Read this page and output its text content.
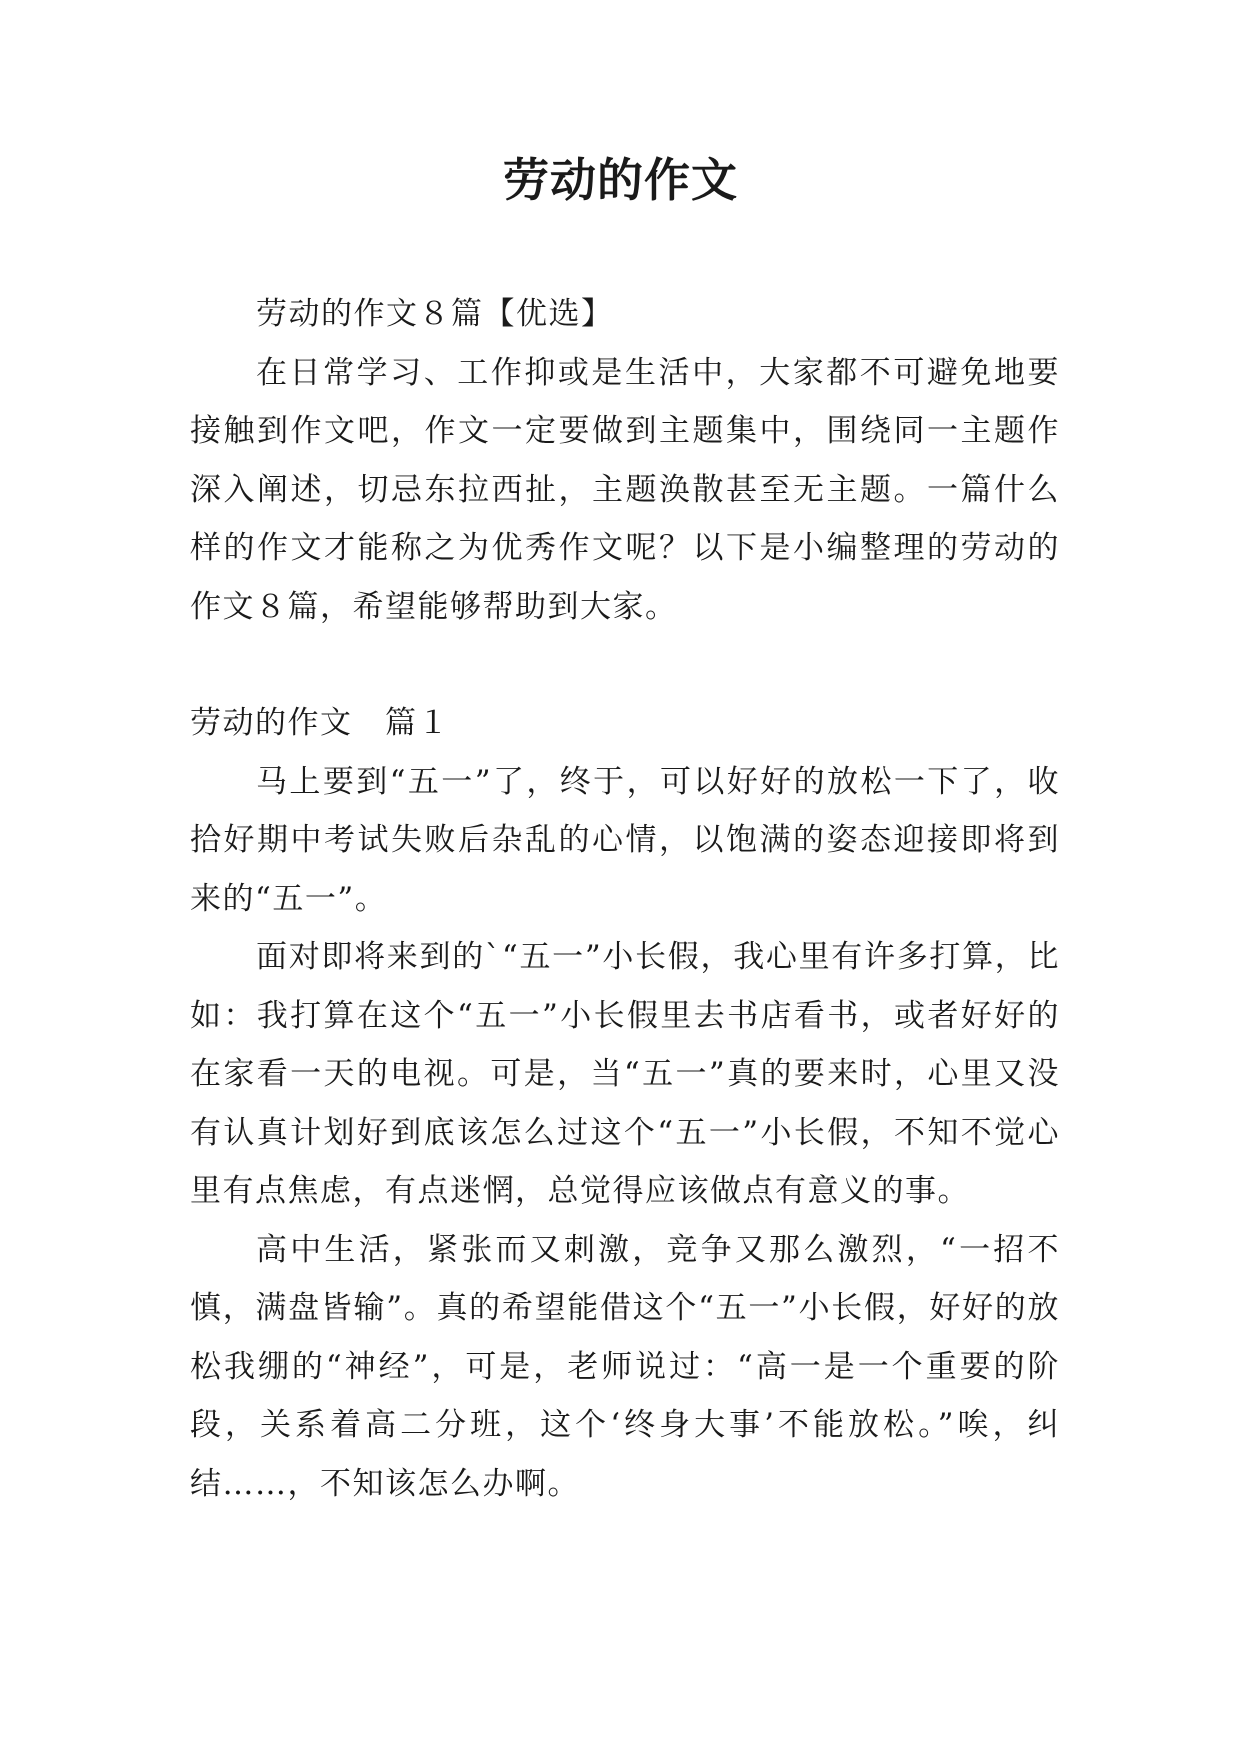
劳动的作文

劳动的作文８篇【优选】

在日常学习、工作抑或是生活中，大家都不可避免地要接触到作文吧，作文一定要做到主题集中，围绕同一主题作深入阐述，切忌东拉西扯，主题涣散甚至无主题。一篇什么样的作文才能称之为优秀作文呢？以下是小编整理的劳动的作文８篇，希望能够帮助到大家。

劳动的作文　篇１

马上要到“五一”了，终于，可以好好的放松一下了，收拾好期中考试失败后杂乱的心情，以饱满的姿态迎接即将到来的“五一”。

面对即将来到的`“五一”小长假，我心里有许多打算，比如：我打算在这个“五一”小长假里去书店看书，或者好好的在家看一天的电视。可是，当“五一”真的要来时，心里又没有认真计划好到底该怎么过这个“五一”小长假，不知不觉心里有点焦虑，有点迷惘，总觉得应该做点有意义的事。

高中生活，紧张而又刺激，竞争又那么激烈，“一招不慎，满盘皆输”。真的希望能借这个“五一”小长假，好好的放松我绷的“神经”，可是，老师说过：“高一是一个重要的阶段，关系着高二分班，这个‘终身大事’不能放松。”唉，纠结……，不知该怎么办啊。
